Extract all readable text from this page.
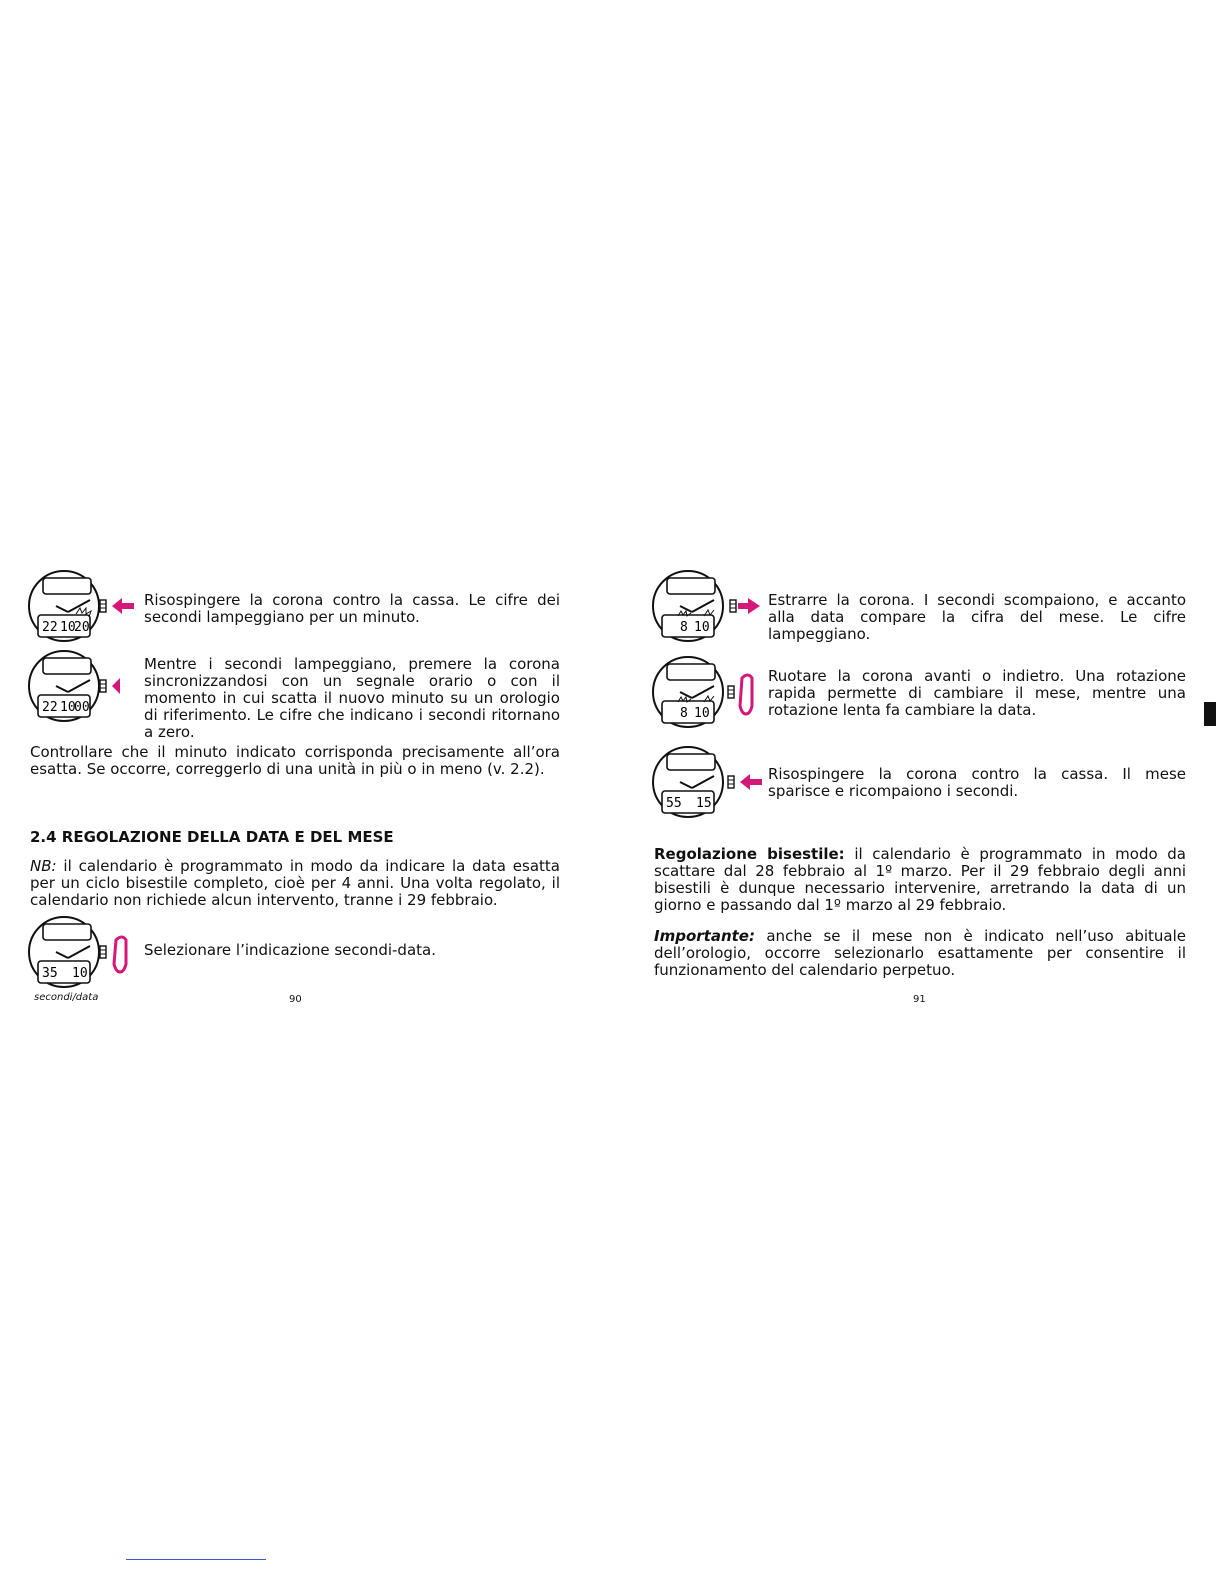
22 10
20
Risospingere la corona contro la cassa. Le cifre dei secondi lampeggiano per un minuto.
22 10
00
Mentre i secondi lampeggiano, premere la corona sincronizzandosi con un segnale orario o con il momento in cui scatta il nuovo minuto su un orologio di riferimento. Le cifre che indicano i secondi ritornano a zero.
Controllare che il minuto indicato corrisponda precisamente all’ora esatta. Se occorre, correggerlo di una unità in più o in meno (v. 2.2).
2.4 REGOLAZIONE DELLA DATA E DEL MESE
NB: il calendario è programmato in modo da indicare la data esatta per un ciclo bisestile completo, cioè per 4 anni. Una volta regolato, il calendario non richiede alcun intervento, tranne i 29 febbraio.
35 10
Selezionare l’indicazione secondi-data.
secondi/data	90
8 10
Estrarre la corona. I secondi scompaiono, e accanto alla data compare la cifra del mese. Le cifre lampeggiano.
8 10
Ruotare la corona avanti o indietro. Una rotazione rapida permette di cambiare il mese, mentre una rotazione lenta fa cambiare la data.
55 15
Risospingere la corona contro la cassa. Il mese sparisce e ricompaiono i secondi.
Regolazione bisestile: il calendario è programmato in modo da scattare dal 28 febbraio al 1º marzo. Per il 29 febbraio degli anni bisestili è dunque necessario intervenire, arretrando la data di un giorno e passando dal 1º marzo al 29 febbraio.
Importante: anche se il mese non è indicato nell’uso abituale dell’orologio, occorre selezionarlo esattamente per consentire il funzionamento del calendario perpetuo.
91
